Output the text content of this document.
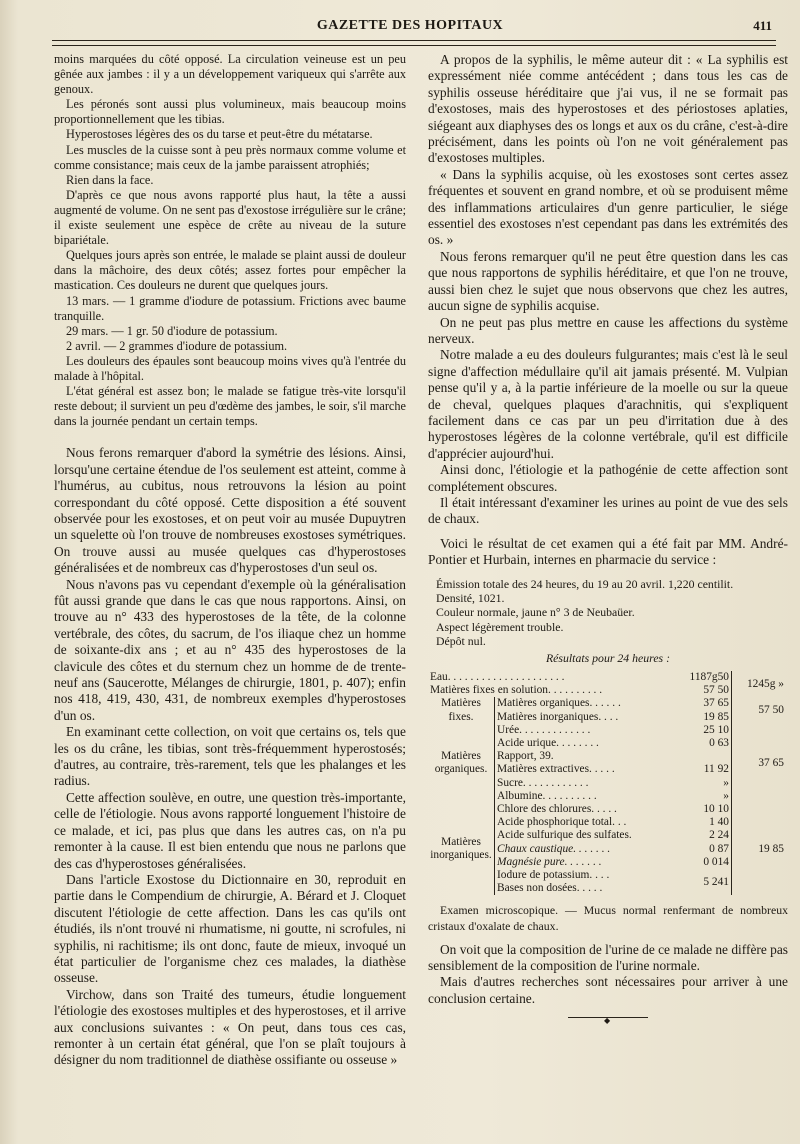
GAZETTE DES HOPITAUX	411

moins marquées du côté opposé. La circulation veineuse est un peu gênée aux jambes : il y a un développement variqueux qui s'arrête aux genoux.

Les péronés sont aussi plus volumineux, mais beaucoup moins proportionnellement que les tibias.

Hyperostoses légères des os du tarse et peut-être du métatarse.

Les muscles de la cuisse sont à peu près normaux comme volume et comme consistance; mais ceux de la jambe paraissent atrophiés;

Rien dans la face.

D'après ce que nous avons rapporté plus haut, la tête a aussi augmenté de volume. On ne sent pas d'exostose irrégulière sur le crâne; il existe seulement une espèce de crête au niveau de la suture bipariétale.

Quelques jours après son entrée, le malade se plaint aussi de douleur dans la mâchoire, des deux côtés; assez fortes pour empêcher la mastication. Ces douleurs ne durent que quelques jours.

13 mars. — 1 gramme d'iodure de potassium. Frictions avec baume tranquille.

29 mars. — 1 gr. 50 d'iodure de potassium.

2 avril. — 2 grammes d'iodure de potassium.

Les douleurs des épaules sont beaucoup moins vives qu'à l'entrée du malade à l'hôpital.

L'état général est assez bon; le malade se fatigue très-vite lorsqu'il reste debout; il survient un peu d'œdème des jambes, le soir, s'il marche dans la journée pendant un certain temps.

Nous ferons remarquer d'abord la symétrie des lésions. Ainsi, lorsqu'une certaine étendue de l'os seulement est atteint, comme à l'humérus, au cubitus, nous retrouvons la lésion au point correspondant du côté opposé. Cette disposition a été souvent observée pour les exostoses, et on peut voir au musée Dupuytren un squelette où l'on trouve de nombreuses exostoses symétriques. On trouve aussi au musée quelques cas d'hyperostoses généralisées et de nombreux cas d'hyperostoses d'un seul os.

Nous n'avons pas vu cependant d'exemple où la généralisation fût aussi grande que dans le cas que nous rapportons. Ainsi, on trouve au n° 433 des hyperostoses de la tête, de la colonne vertébrale, des côtes, du sacrum, de l'os iliaque chez un homme de soixante-dix ans ; et au n° 435 des hyperostoses de la clavicule des côtes et du sternum chez un homme de de trente-neuf ans (Saucerotte, Mélanges de chirurgie, 1801, p. 407); enfin nos 418, 419, 430, 431, de nombreux exemples d'hyperostoses d'un os.

En examinant cette collection, on voit que certains os, tels que les os du crâne, les tibias, sont très-fréquemment hyperostosés; d'autres, au contraire, très-rarement, tels que les phalanges et les radius.

Cette affection soulève, en outre, une question très-importante, celle de l'étiologie. Nous avons rapporté longuement l'histoire de ce malade, et ici, pas plus que dans les autres cas, on n'a pu remonter à la cause. Il est bien entendu que nous ne parlons que des cas d'hyperostoses généralisées.

Dans l'article Exostose du Dictionnaire en 30, reproduit en partie dans le Compendium de chirurgie, A. Bérard et J. Cloquet discutent l'étiologie de cette affection. Dans les cas qu'ils ont étudiés, ils n'ont trouvé ni rhumatisme, ni goutte, ni scrofules, ni syphilis, ni rachitisme; ils ont donc, faute de mieux, invoqué un état particulier de l'organisme chez ces malades, la diathèse osseuse.

Virchow, dans son Traité des tumeurs, étudie longuement l'étiologie des exostoses multiples et des hyperostoses, et il arrive aux conclusions suivantes : « On peut, dans tous ces cas, remonter à un certain état général, que l'on se plaît toujours à désigner du nom traditionnel de diathèse ossifiante ou osseuse »

A propos de la syphilis, le même auteur dit : « La syphilis est expressément niée comme antécédent ; dans tous les cas de syphilis osseuse héréditaire que j'ai vus, il ne se formait pas d'exostoses, mais des hyperostoses et des périostoses aplaties, siégeant aux diaphyses des os longs et aux os du crâne, c'est-à-dire précisément, dans les points où l'on ne voit généralement pas d'exostoses multiples.

« Dans la syphilis acquise, où les exostoses sont certes assez fréquentes et souvent en grand nombre, et où se produisent même des inflammations articulaires d'un genre particulier, le siége essentiel des exostoses n'est cependant pas dans les extrémités des os. »

Nous ferons remarquer qu'il ne peut être question dans les cas que nous rapportons de syphilis héréditaire, et que l'on ne trouve, aussi bien chez le sujet que nous observons que chez les autres, aucun signe de syphilis acquise.

On ne peut pas plus mettre en cause les affections du système nerveux.

Notre malade a eu des douleurs fulgurantes; mais c'est là le seul signe d'affection médullaire qu'il ait jamais présenté. M. Vulpian pense qu'il y a, à la partie inférieure de la moelle ou sur la queue de cheval, quelques plaques d'arachnitis, qui s'expliquent facilement dans ce cas par un peu d'irritation due à des hyperostoses légères de la colonne vertébrale, qu'il est difficile d'apprécier aujourd'hui.

Ainsi donc, l'étiologie et la pathogénie de cette affection sont complétement obscures.

Il était intéressant d'examiner les urines au point de vue des sels de chaux.

Voici le résultat de cet examen qui a été fait par MM. André-Pontier et Hurbain, internes en pharmacie du service :

Émission totale des 24 heures, du 19 au 20 avril. 1,220 centilit.

Densité, 1021.

Couleur normale, jaune n° 3 de Neubaüer.

Aspect légèrement trouble.

Dépôt nul.

Résultats pour 24 heures :

Eau. . . . . . . . . . . . . . . . . . . . .		1187g50	1245g »
Matières fixes en solution. . . . . . . . . .		57 50	
Matières fixes.	Matières organiques. . . . . .	37 65	57 50
	Matières inorganiques. . . .	19 85	
Matières organiques.	Urée. . . . . . . . . . . . .	25 10	37 65
	Acide urique. . . . . . . .	0 63	
	Rapport, 39.		
	Matières extractives. . . . .	11 92	
	Sucre. . . . . . . . . . . .	»	
	Albumine. . . . . . . . . .	»	
Matières inorganiques.	Chlore des chlorures. . . . .	10 10	19 85
	Acide phosphorique total. . .	1 40	
	Acide sulfurique des sulfates.	2 24	
	Chaux caustique. . . . . . .	0 87	
	Magnésie pure. . . . . . .	0 014	
	Iodure de potassium. . . .	5 241	
	Bases non dosées. . . . .		

Examen microscopique. — Mucus normal renfermant de nombreux cristaux d'oxalate de chaux.

On voit que la composition de l'urine de ce malade ne diffère pas sensiblement de la composition de l'urine normale.

Mais d'autres recherches sont nécessaires pour arriver à une conclusion certaine.

◆
